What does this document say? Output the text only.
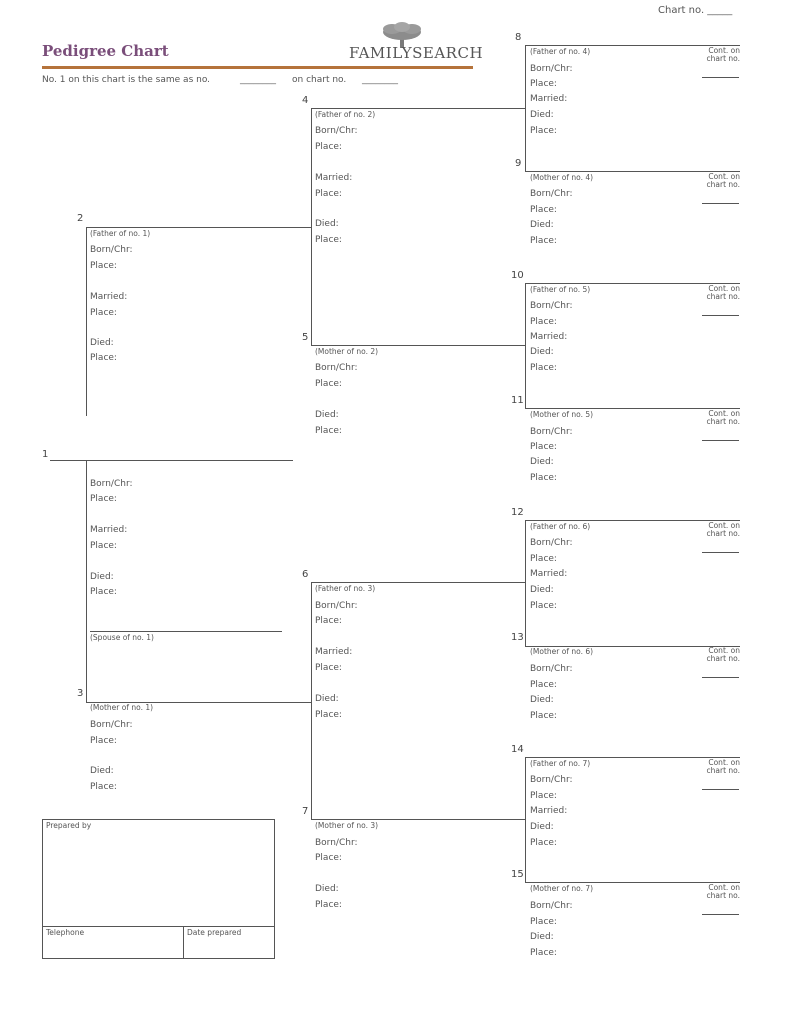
Chart no. _____
Pedigree Chart	FAMILYSEARCH
No. 1 on this chart is the same as no.	________ on chart no. ________
1
Born/Chr:
Place:
Married:
Place:
Died:
Place:
(Spouse of no. 1)
2
(Father of no. 1)
Born/Chr:
Place:
Married:
Place:
Died:
Place:
3
(Mother of no. 1)
Born/Chr:
Place:
Died:
Place:
4
(Father of no. 2)
Born/Chr:
Place:
Married:
Place:
Died:
Place:
5
(Mother of no. 2)
Born/Chr:
Place:
Died:
Place:
6
(Father of no. 3)
Born/Chr:
Place:
Married:
Place:
Died:
Place:
7
(Mother of no. 3)
Born/Chr:
Place:
Died:
Place:
8
(Father of no. 4)	Cont. on chart no.
Born/Chr:
Place:
Married:
Died:
Place:
9
(Mother of no. 4)	Cont. on chart no.
Born/Chr:
Place:
Died:
Place:
10
(Father of no. 5)	Cont. on chart no.
Born/Chr:
Place:
Married:
Died:
Place:
11
(Mother of no. 5)	Cont. on chart no.
Born/Chr:
Place:
Died:
Place:
12
(Father of no. 6)	Cont. on chart no.
Born/Chr:
Place:
Married:
Died:
Place:
13
(Mother of no. 6)	Cont. on chart no.
Born/Chr:
Place:
Died:
Place:
14
(Father of no. 7)	Cont. on chart no.
Born/Chr:
Place:
Married:
Died:
Place:
15
(Mother of no. 7)	Cont. on chart no.
Born/Chr:
Place:
Died:
Place:
Prepared by
Telephone	Date prepared
